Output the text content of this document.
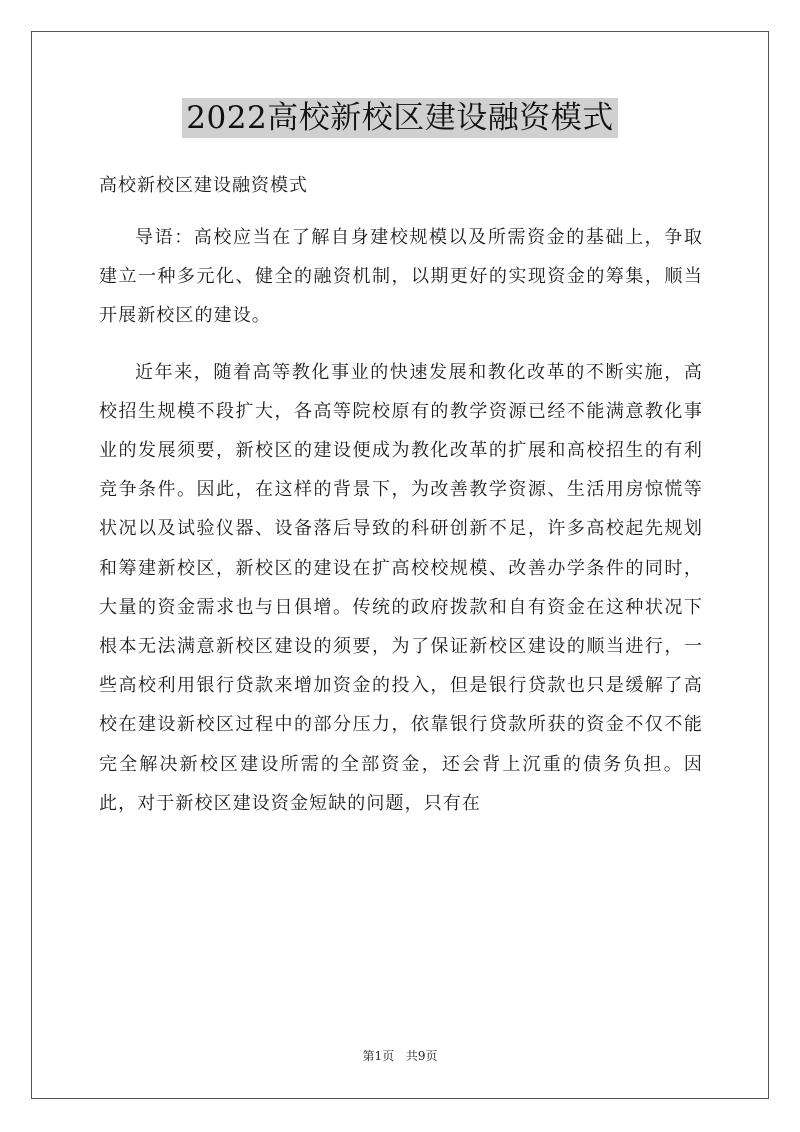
2022高校新校区建设融资模式
高校新校区建设融资模式

导语：高校应当在了解自身建校规模以及所需资金的基础上，争取建立一种多元化、健全的融资机制，以期更好的实现资金的筹集，顺当开展新校区的建设。

近年来，随着高等教化事业的快速发展和教化改革的不断实施，高校招生规模不段扩大，各高等院校原有的教学资源已经不能满意教化事业的发展须要，新校区的建设便成为教化改革的扩展和高校招生的有利竞争条件。因此，在这样的背景下，为改善教学资源、生活用房惊慌等状况以及试验仪器、设备落后导致的科研创新不足，许多高校起先规划和筹建新校区，新校区的建设在扩高校校规模、改善办学条件的同时，大量的资金需求也与日俱增。传统的政府拨款和自有资金在这种状况下根本无法满意新校区建设的须要，为了保证新校区建设的顺当进行，一些高校利用银行贷款来增加资金的投入，但是银行贷款也只是缓解了高校在建设新校区过程中的部分压力，依靠银行贷款所获的资金不仅不能完全解决新校区建设所需的全部资金，还会背上沉重的债务负担。因此，对于新校区建设资金短缺的问题，只有在

第1页 共9页
